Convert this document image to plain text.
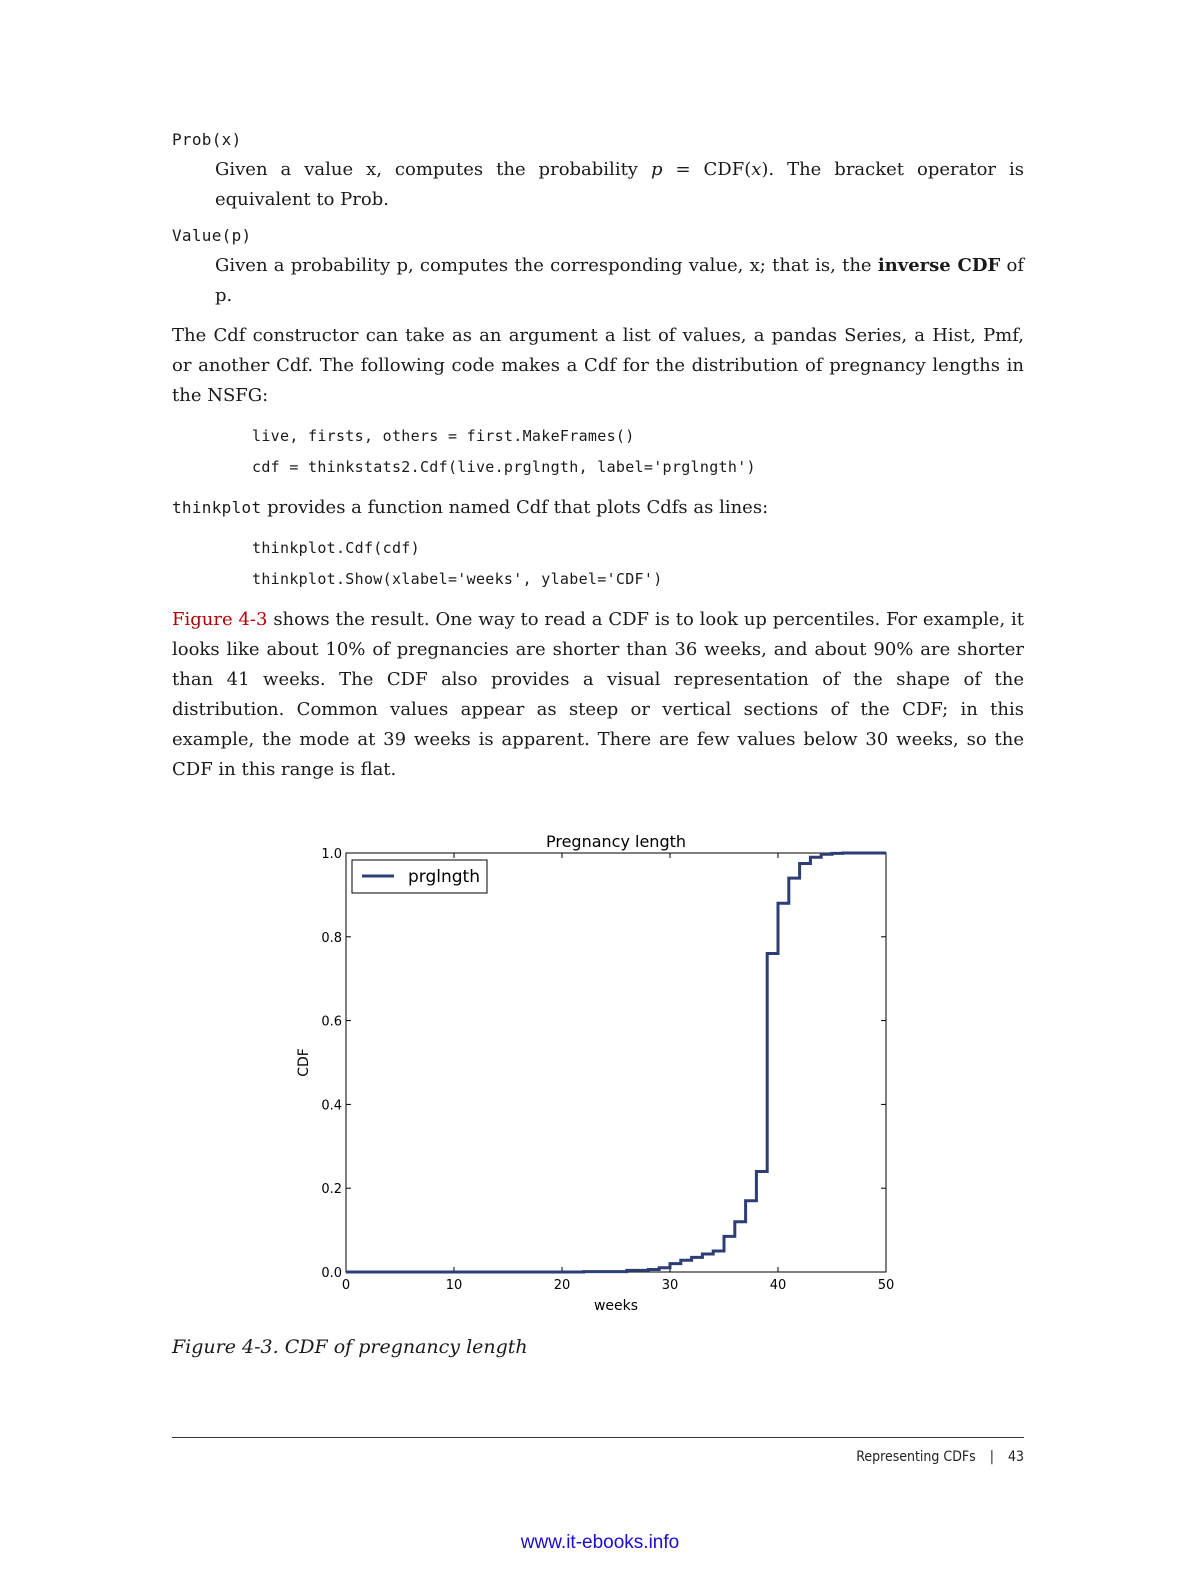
Prob(x)
Given a value x, computes the probability p = CDF(x). The bracket operator is equivalent to Prob.
Value(p)
Given a probability p, computes the corresponding value, x; that is, the inverse CDF of p.

The Cdf constructor can take as an argument a list of values, a pandas Series, a Hist, Pmf, or another Cdf. The following code makes a Cdf for the distribution of pregnancy lengths in the NSFG:

live, firsts, others = first.MakeFrames()
cdf = thinkstats2.Cdf(live.prglngth, label='prglngth')

thinkplot provides a function named Cdf that plots Cdfs as lines:

thinkplot.Cdf(cdf)
thinkplot.Show(xlabel='weeks', ylabel='CDF')

Figure 4-3 shows the result. One way to read a CDF is to look up percentiles. For example, it looks like about 10% of pregnancies are shorter than 36 weeks, and about 90% are shorter than 41 weeks. The CDF also provides a visual representation of the shape of the distribution. Common values appear as steep or vertical sections of the CDF; in this example, the mode at 39 weeks is apparent. There are few values below 30 weeks, so the CDF in this range is flat.

0	10	20	30	40	50
0.0
0.2
0.4
0.6
0.8
1.0
Pregnancy length
weeks
CDF
prglngth
Figure 4-3. CDF of pregnancy length
Representing CDFs | 43
www.it-ebooks.info
